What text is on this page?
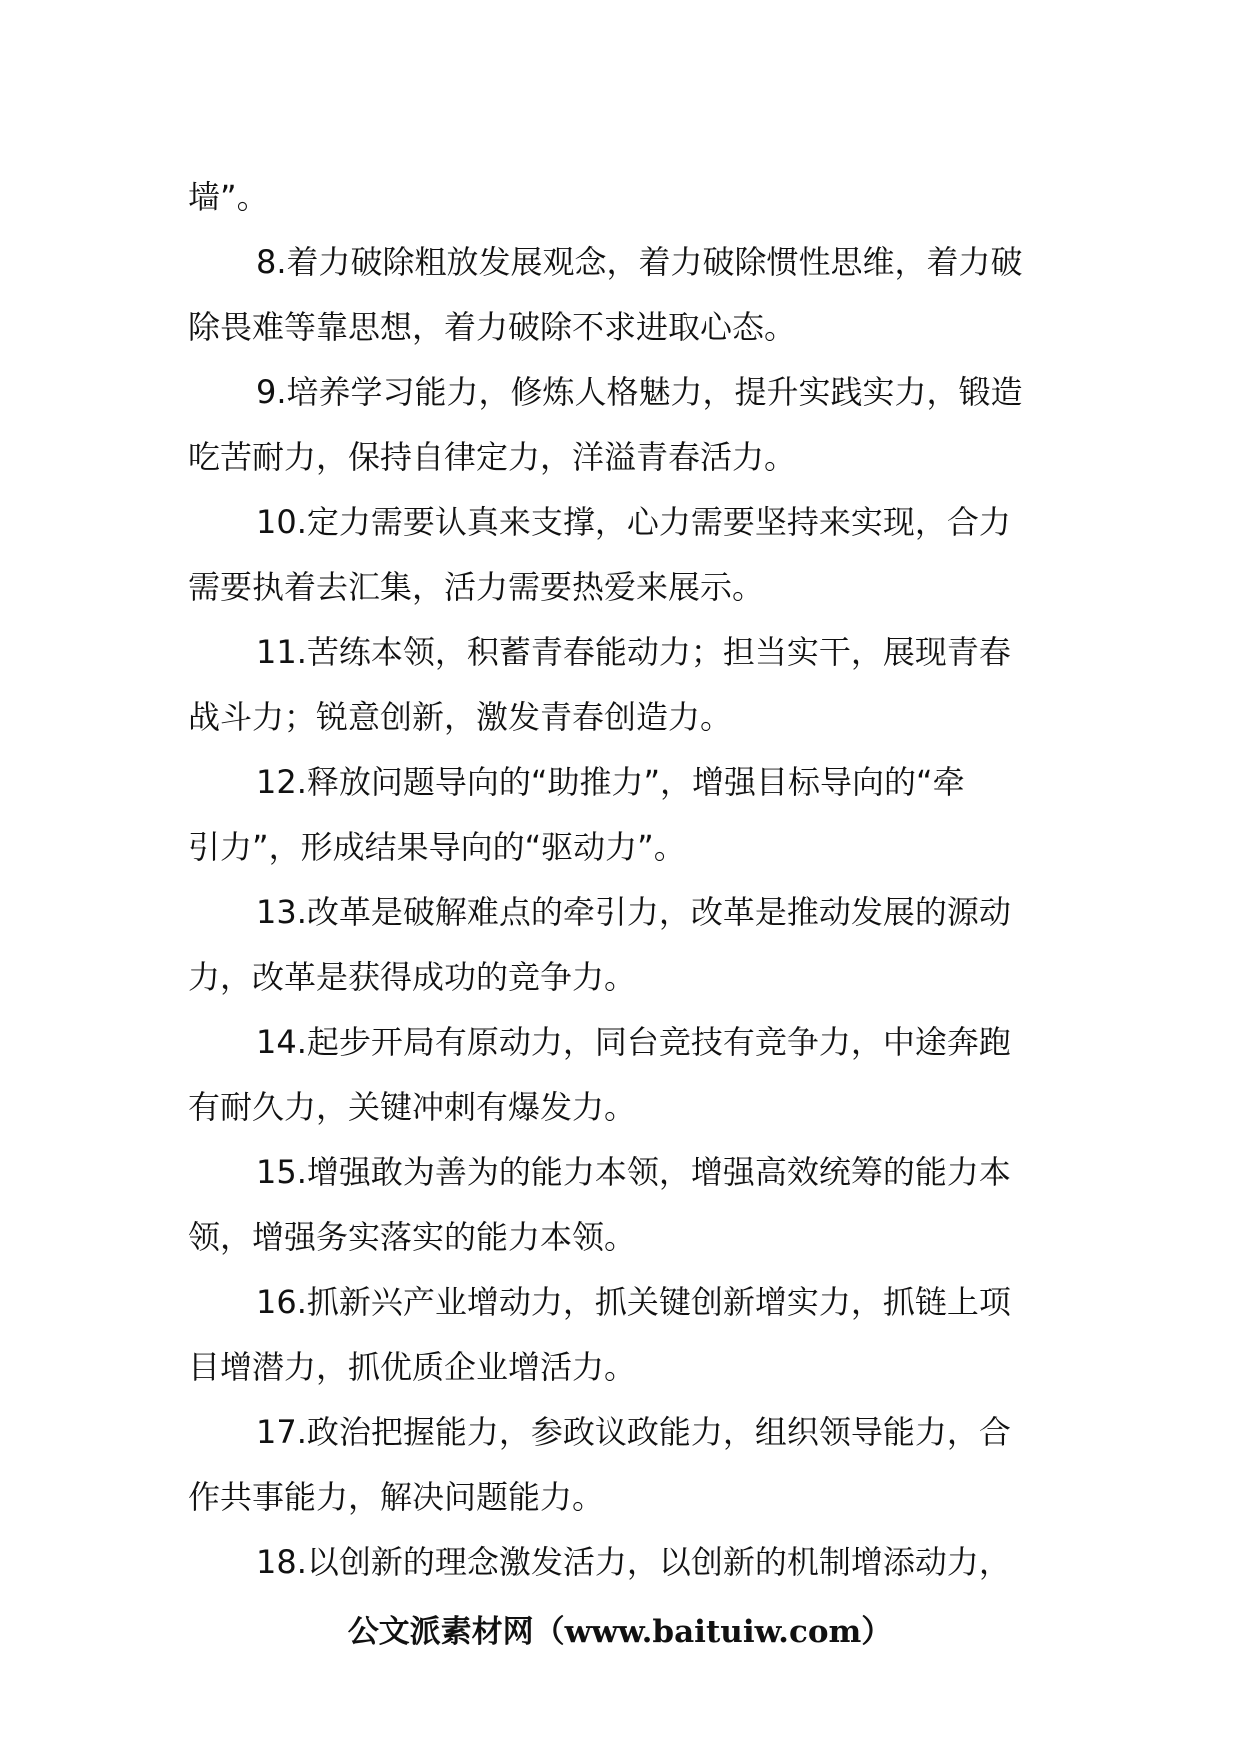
墙”。
8.着力破除粗放发展观念，着力破除惯性思维，着力破
除畏难等靠思想，着力破除不求进取心态。
9.培养学习能力，修炼人格魅力，提升实践实力，锻造
吃苦耐力，保持自律定力，洋溢青春活力。
10.定力需要认真来支撑，心力需要坚持来实现，合力
需要执着去汇集，活力需要热爱来展示。
11.苦练本领，积蓄青春能动力；担当实干，展现青春
战斗力；锐意创新，激发青春创造力。
12.释放问题导向的“助推力”，增强目标导向的“牵
引力”，形成结果导向的“驱动力”。
13.改革是破解难点的牵引力，改革是推动发展的源动
力，改革是获得成功的竞争力。
14.起步开局有原动力，同台竞技有竞争力，中途奔跑
有耐久力，关键冲刺有爆发力。
15.增强敢为善为的能力本领，增强高效统筹的能力本
领，增强务实落实的能力本领。
16.抓新兴产业增动力，抓关键创新增实力，抓链上项
目增潜力，抓优质企业增活力。
17.政治把握能力，参政议政能力，组织领导能力，合
作共事能力，解决问题能力。
18.以创新的理念激发活力，以创新的机制增添动力，
公文派素材网（www.baituiw.com）
